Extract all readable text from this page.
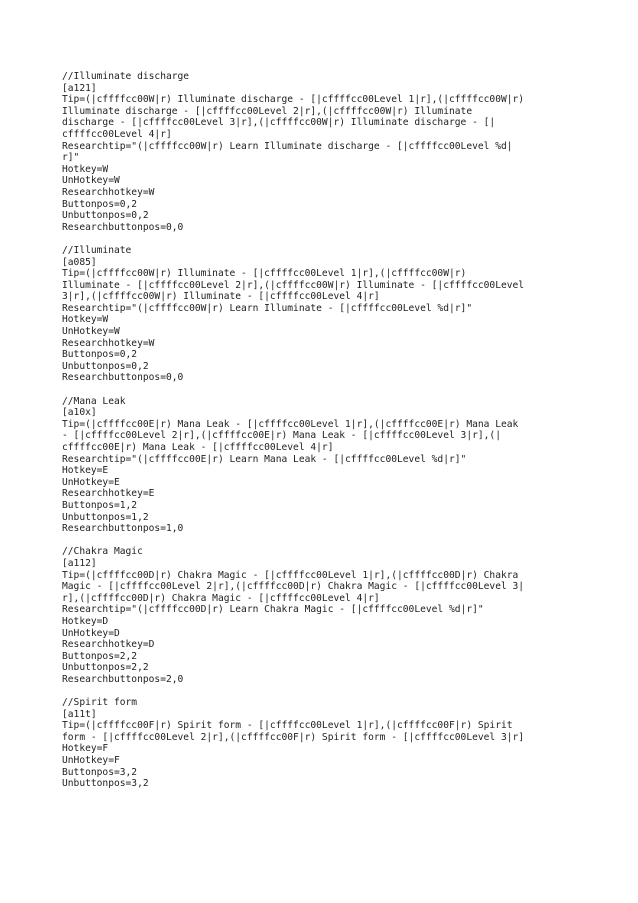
//Illuminate discharge
[a121]
Tip=(|cffffcc00W|r) Illuminate discharge - [|cffffcc00Level 1|r],(|cffffcc00W|r)
Illuminate discharge - [|cffffcc00Level 2|r],(|cffffcc00W|r) Illuminate
discharge - [|cffffcc00Level 3|r],(|cffffcc00W|r) Illuminate discharge - [|
cffffcc00Level 4|r]
Researchtip="(|cffffcc00W|r) Learn Illuminate discharge - [|cffffcc00Level %d|
r]"
Hotkey=W
UnHotkey=W
Researchhotkey=W
Buttonpos=0,2
Unbuttonpos=0,2
Researchbuttonpos=0,0
//Illuminate
[a085]
Tip=(|cffffcc00W|r) Illuminate - [|cffffcc00Level 1|r],(|cffffcc00W|r)
Illuminate - [|cffffcc00Level 2|r],(|cffffcc00W|r) Illuminate - [|cffffcc00Level
3|r],(|cffffcc00W|r) Illuminate - [|cffffcc00Level 4|r]
Researchtip="(|cffffcc00W|r) Learn Illuminate - [|cffffcc00Level %d|r]"
Hotkey=W
UnHotkey=W
Researchhotkey=W
Buttonpos=0,2
Unbuttonpos=0,2
Researchbuttonpos=0,0
//Mana Leak
[a10x]
Tip=(|cffffcc00E|r) Mana Leak - [|cffffcc00Level 1|r],(|cffffcc00E|r) Mana Leak
- [|cffffcc00Level 2|r],(|cffffcc00E|r) Mana Leak - [|cffffcc00Level 3|r],(|
cffffcc00E|r) Mana Leak - [|cffffcc00Level 4|r]
Researchtip="(|cffffcc00E|r) Learn Mana Leak - [|cffffcc00Level %d|r]"
Hotkey=E
UnHotkey=E
Researchhotkey=E
Buttonpos=1,2
Unbuttonpos=1,2
Researchbuttonpos=1,0
//Chakra Magic
[a112]
Tip=(|cffffcc00D|r) Chakra Magic - [|cffffcc00Level 1|r],(|cffffcc00D|r) Chakra
Magic - [|cffffcc00Level 2|r],(|cffffcc00D|r) Chakra Magic - [|cffffcc00Level 3|
r],(|cffffcc00D|r) Chakra Magic - [|cffffcc00Level 4|r]
Researchtip="(|cffffcc00D|r) Learn Chakra Magic - [|cffffcc00Level %d|r]"
Hotkey=D
UnHotkey=D
Researchhotkey=D
Buttonpos=2,2
Unbuttonpos=2,2
Researchbuttonpos=2,0
//Spirit form
[a11t]
Tip=(|cffffcc00F|r) Spirit form - [|cffffcc00Level 1|r],(|cffffcc00F|r) Spirit
form - [|cffffcc00Level 2|r],(|cffffcc00F|r) Spirit form - [|cffffcc00Level 3|r]
Hotkey=F
UnHotkey=F
Buttonpos=3,2
Unbuttonpos=3,2
